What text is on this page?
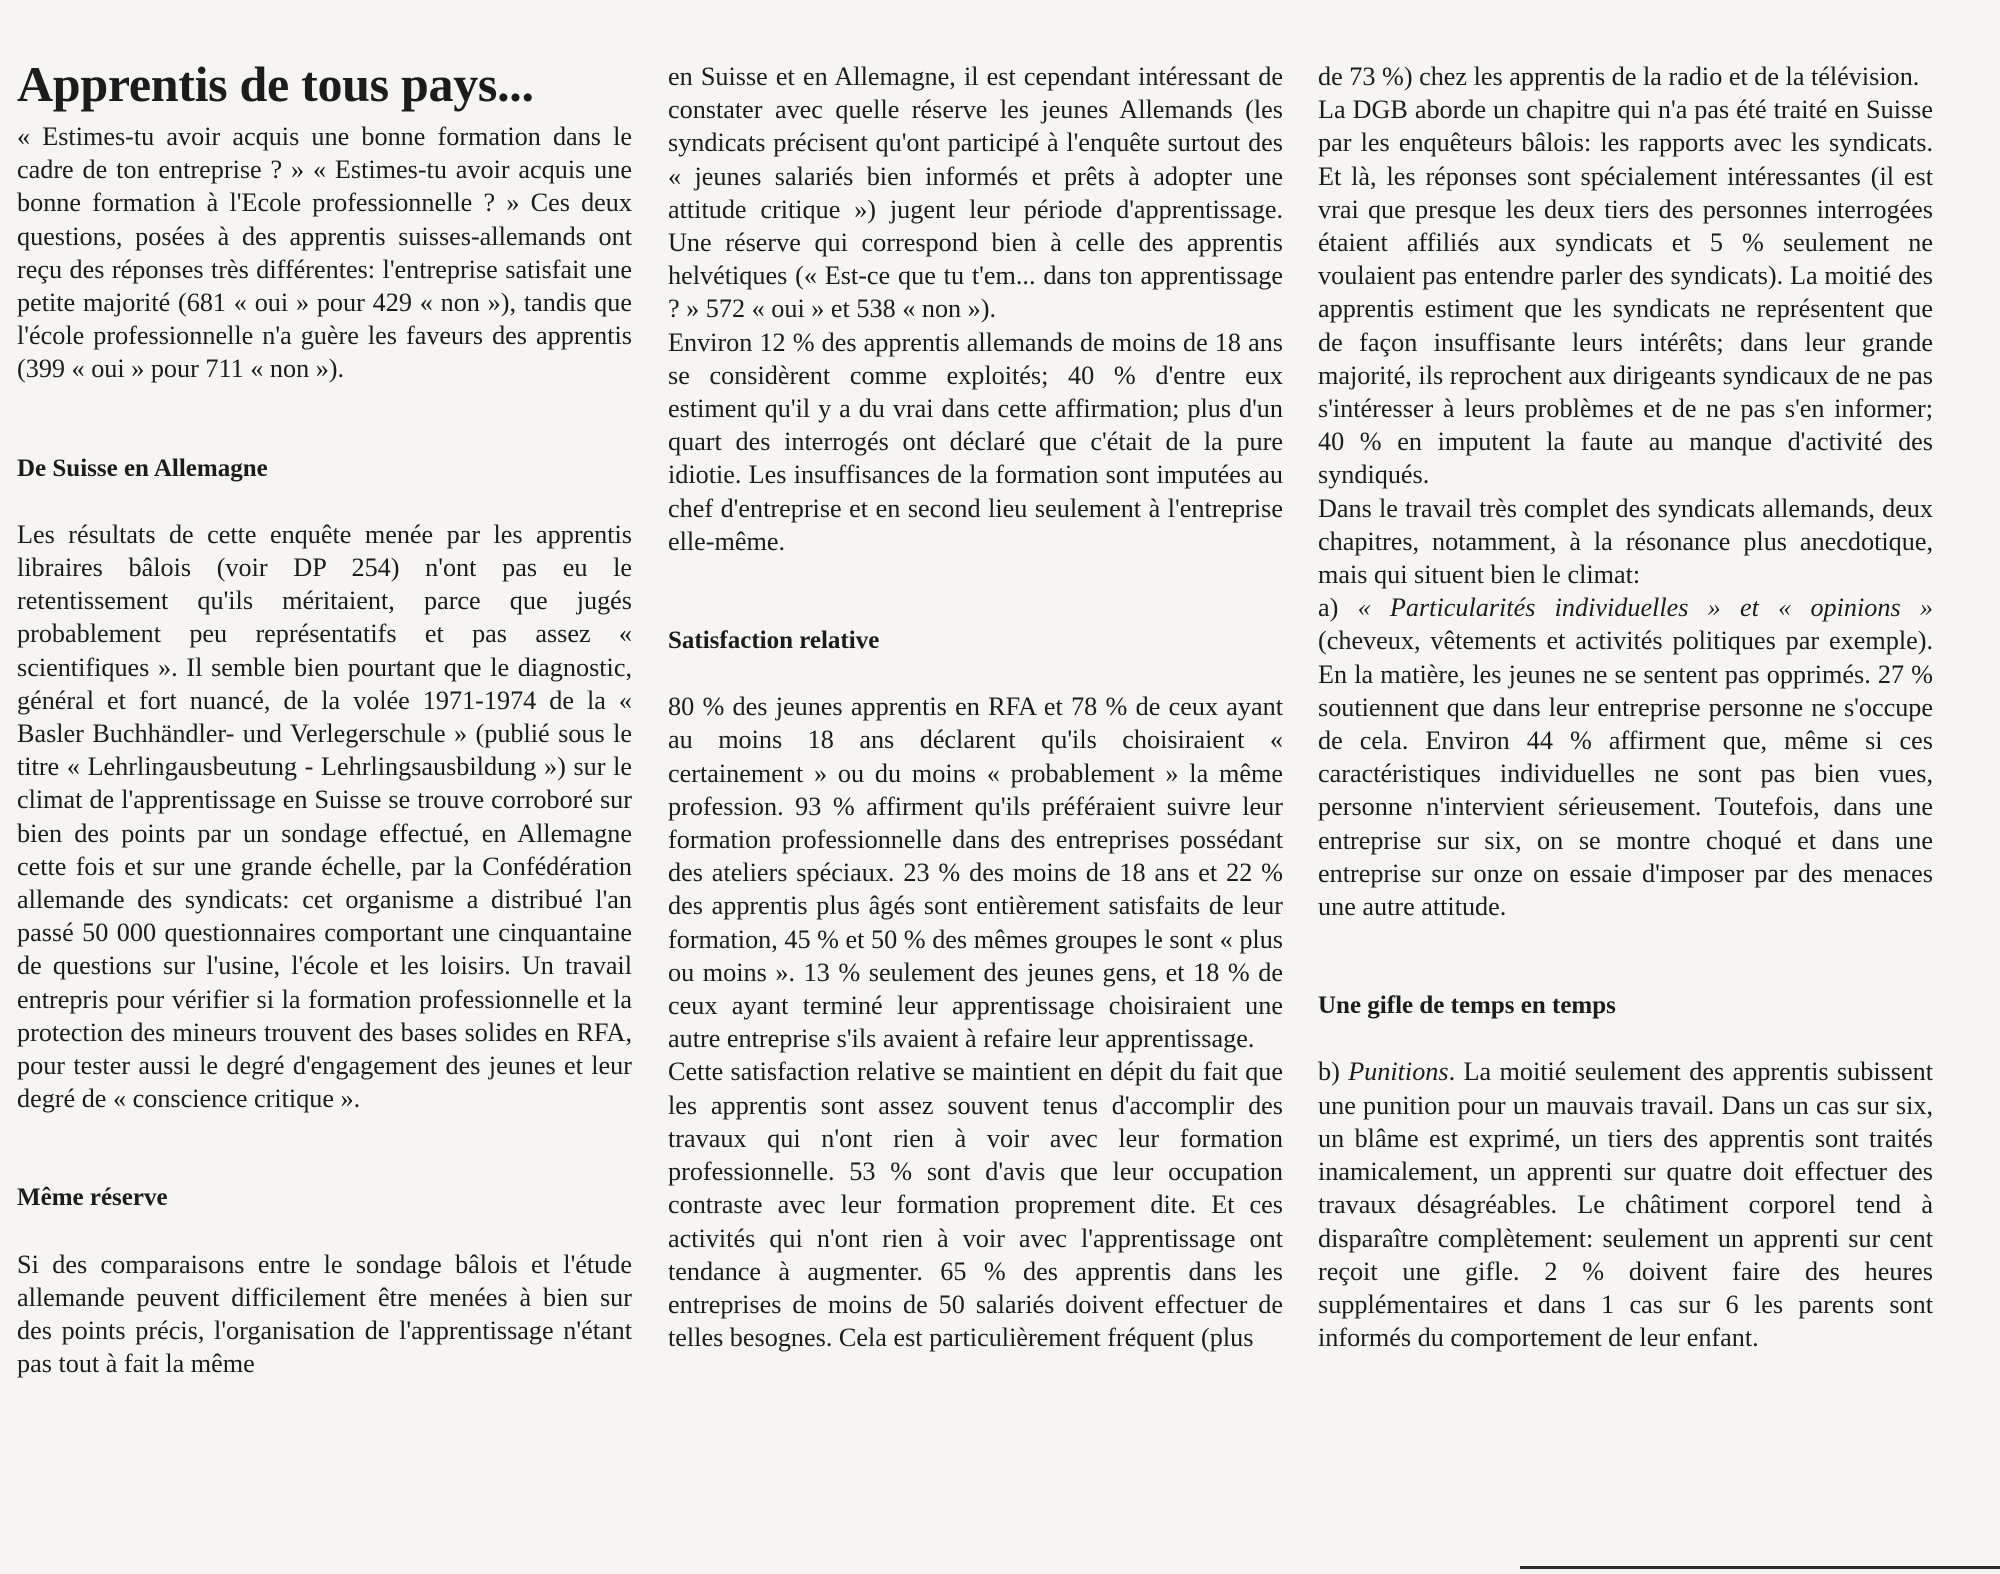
Apprentis de tous pays...

« Estimes-tu avoir acquis une bonne formation dans le cadre de ton entreprise ? » « Estimes-tu avoir acquis une bonne formation à l'Ecole professionnelle ? » Ces deux questions, posées à des apprentis suisses-allemands ont reçu des réponses très différentes: l'entreprise satisfait une petite majorité (681 « oui » pour 429 « non »), tandis que l'école professionnelle n'a guère les faveurs des apprentis (399 « oui » pour 711 « non »).

De Suisse en Allemagne

Les résultats de cette enquête menée par les apprentis libraires bâlois (voir DP 254) n'ont pas eu le retentissement qu'ils méritaient, parce que jugés probablement peu représentatifs et pas assez « scientifiques ». Il semble bien pourtant que le diagnostic, général et fort nuancé, de la volée 1971-1974 de la « Basler Buchhändler- und Verlegerschule » (publié sous le titre « Lehrlingausbeutung - Lehrlingsausbildung ») sur le climat de l'apprentissage en Suisse se trouve corroboré sur bien des points par un sondage effectué, en Allemagne cette fois et sur une grande échelle, par la Confédération allemande des syndicats: cet organisme a distribué l'an passé 50 000 questionnaires comportant une cinquantaine de questions sur l'usine, l'école et les loisirs. Un travail entrepris pour vérifier si la formation professionnelle et la protection des mineurs trouvent des bases solides en RFA, pour tester aussi le degré d'engagement des jeunes et leur degré de « conscience critique ».

Même réserve

Si des comparaisons entre le sondage bâlois et l'étude allemande peuvent difficilement être menées à bien sur des points précis, l'organisation de l'apprentissage n'étant pas tout à fait la même

en Suisse et en Allemagne, il est cependant intéressant de constater avec quelle réserve les jeunes Allemands (les syndicats précisent qu'ont participé à l'enquête surtout des « jeunes salariés bien informés et prêts à adopter une attitude critique ») jugent leur période d'apprentissage. Une réserve qui correspond bien à celle des apprentis helvétiques (« Est-ce que tu t'em... dans ton apprentissage ? » 572 « oui » et 538 « non »).

Environ 12 % des apprentis allemands de moins de 18 ans se considèrent comme exploités; 40 % d'entre eux estiment qu'il y a du vrai dans cette affirmation; plus d'un quart des interrogés ont déclaré que c'était de la pure idiotie. Les insuffisances de la formation sont imputées au chef d'entreprise et en second lieu seulement à l'entreprise elle-même.

Satisfaction relative

80 % des jeunes apprentis en RFA et 78 % de ceux ayant au moins 18 ans déclarent qu'ils choisiraient « certainement » ou du moins « probablement » la même profession. 93 % affirment qu'ils préféraient suivre leur formation professionnelle dans des entreprises possédant des ateliers spéciaux. 23 % des moins de 18 ans et 22 % des apprentis plus âgés sont entièrement satisfaits de leur formation, 45 % et 50 % des mêmes groupes le sont « plus ou moins ». 13 % seulement des jeunes gens, et 18 % de ceux ayant terminé leur apprentissage choisiraient une autre entreprise s'ils avaient à refaire leur apprentissage.

Cette satisfaction relative se maintient en dépit du fait que les apprentis sont assez souvent tenus d'accomplir des travaux qui n'ont rien à voir avec leur formation professionnelle. 53 % sont d'avis que leur occupation contraste avec leur formation proprement dite. Et ces activités qui n'ont rien à voir avec l'apprentissage ont tendance à augmenter. 65 % des apprentis dans les entreprises de moins de 50 salariés doivent effectuer de telles besognes. Cela est particulièrement fréquent (plus

de 73 %) chez les apprentis de la radio et de la télévision.

La DGB aborde un chapitre qui n'a pas été traité en Suisse par les enquêteurs bâlois: les rapports avec les syndicats. Et là, les réponses sont spécialement intéressantes (il est vrai que presque les deux tiers des personnes interrogées étaient affiliés aux syndicats et 5 % seulement ne voulaient pas entendre parler des syndicats). La moitié des apprentis estiment que les syndicats ne représentent que de façon insuffisante leurs intérêts; dans leur grande majorité, ils reprochent aux dirigeants syndicaux de ne pas s'intéresser à leurs problèmes et de ne pas s'en informer; 40 % en imputent la faute au manque d'activité des syndiqués.

Dans le travail très complet des syndicats allemands, deux chapitres, notamment, à la résonance plus anecdotique, mais qui situent bien le climat:

a) « Particularités individuelles » et « opinions » (cheveux, vêtements et activités politiques par exemple). En la matière, les jeunes ne se sentent pas opprimés. 27 % soutiennent que dans leur entreprise personne ne s'occupe de cela. Environ 44 % affirment que, même si ces caractéristiques individuelles ne sont pas bien vues, personne n'intervient sérieusement. Toutefois, dans une entreprise sur six, on se montre choqué et dans une entreprise sur onze on essaie d'imposer par des menaces une autre attitude.

Une gifle de temps en temps

b) Punitions. La moitié seulement des apprentis subissent une punition pour un mauvais travail. Dans un cas sur six, un blâme est exprimé, un tiers des apprentis sont traités inamicalement, un apprenti sur quatre doit effectuer des travaux désagréables. Le châtiment corporel tend à disparaître complètement: seulement un apprenti sur cent reçoit une gifle. 2 % doivent faire des heures supplémentaires et dans 1 cas sur 6 les parents sont informés du comportement de leur enfant.
